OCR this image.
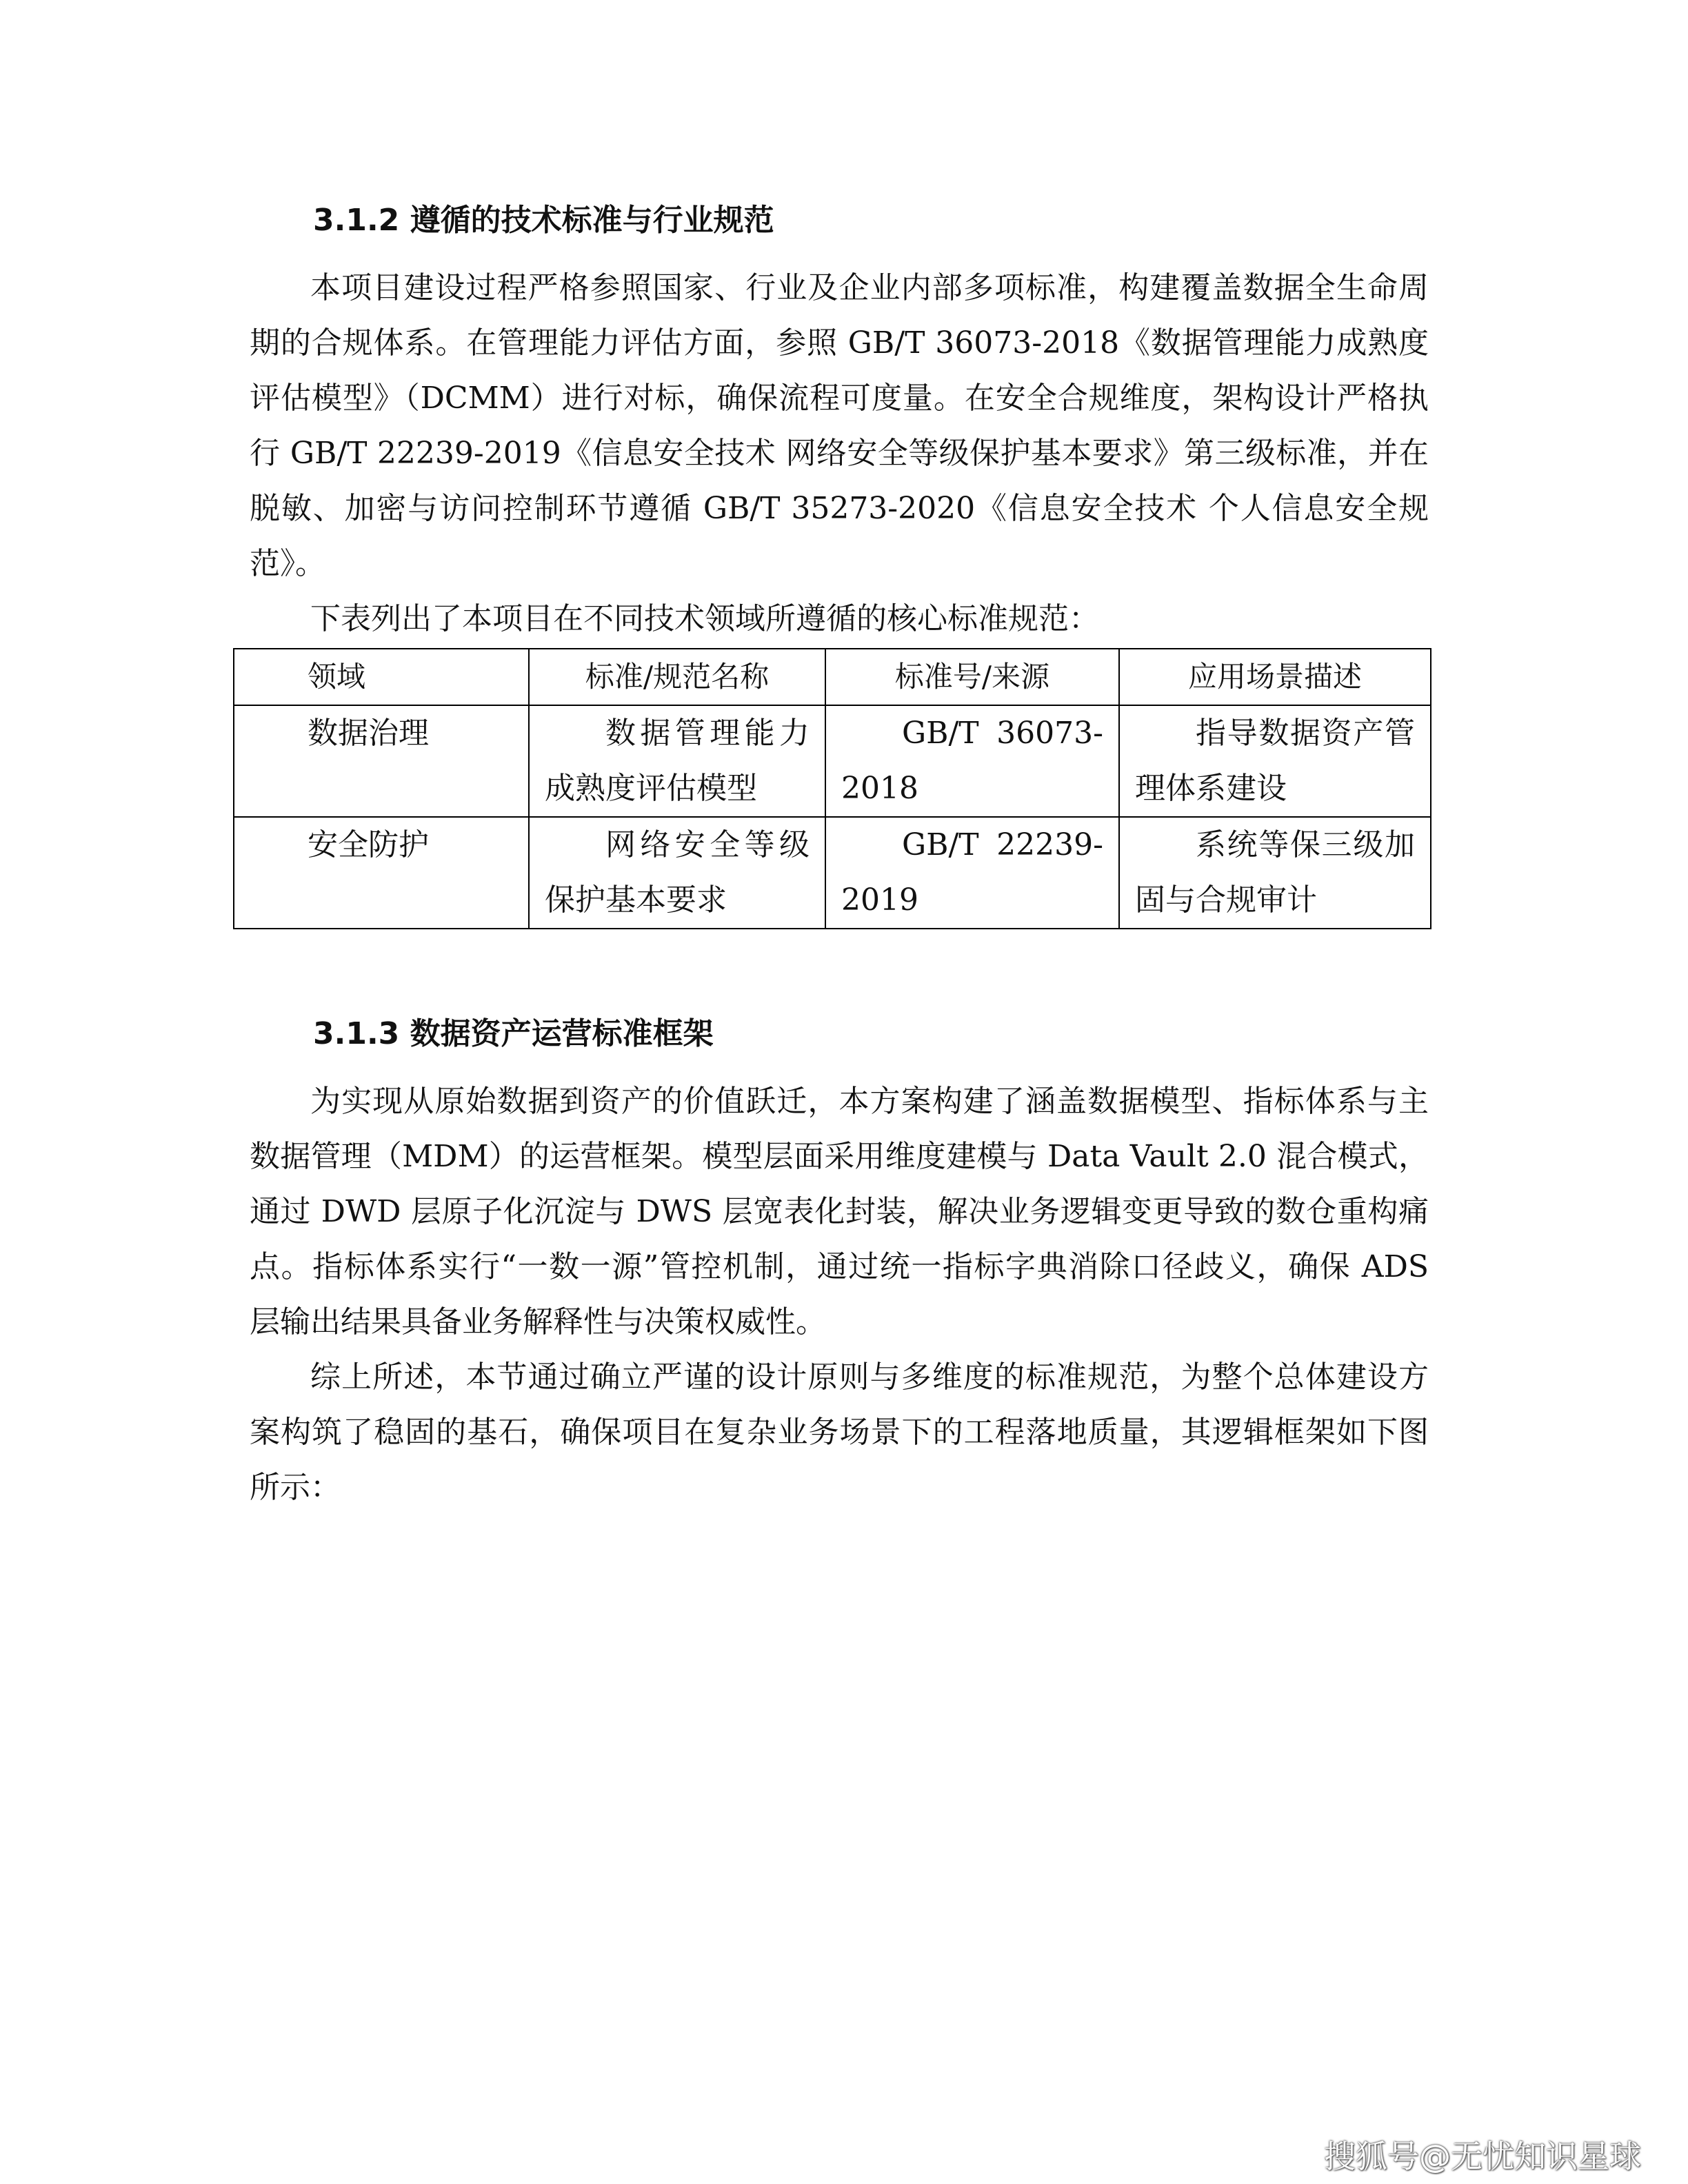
3.1.2 遵循的技术标准与行业规范

本项目建设过程严格参照国家、行业及企业内部多项标准，构建覆盖数据全生命周期的合规体系。在管理能力评估方面，参照 GB/T 36073-2018《数据管理能力成熟度评估模型》（DCMM）进行对标，确保流程可度量。在安全合规维度，架构设计严格执行 GB/T 22239-2019《信息安全技术 网络安全等级保护基本要求》第三级标准，并在脱敏、加密与访问控制环节遵循 GB/T 35273-2020《信息安全技术 个人信息安全规范》。

下表列出了本项目在不同技术领域所遵循的核心标准规范：

领域	标准/规范名称	标准号/来源	应用场景描述
数据治理	数据管理能力成熟度评估模型	GB/T 36073-2018	指导数据资产管理体系建设
安全防护	网络安全等级保护基本要求	GB/T 22239-2019	系统等保三级加固与合规审计
3.1.3 数据资产运营标准框架

为实现从原始数据到资产的价值跃迁，本方案构建了涵盖数据模型、指标体系与主数据管理（MDM）的运营框架。模型层面采用维度建模与 Data Vault 2.0 混合模式，通过 DWD 层原子化沉淀与 DWS 层宽表化封装，解决业务逻辑变更导致的数仓重构痛点。指标体系实行“一数一源”管控机制，通过统一指标字典消除口径歧义，确保 ADS 层输出结果具备业务解释性与决策权威性。

综上所述，本节通过确立严谨的设计原则与多维度的标准规范，为整个总体建设方案构筑了稳固的基石，确保项目在复杂业务场景下的工程落地质量，其逻辑框架如下图所示：

搜狐号@无忧知识星球
